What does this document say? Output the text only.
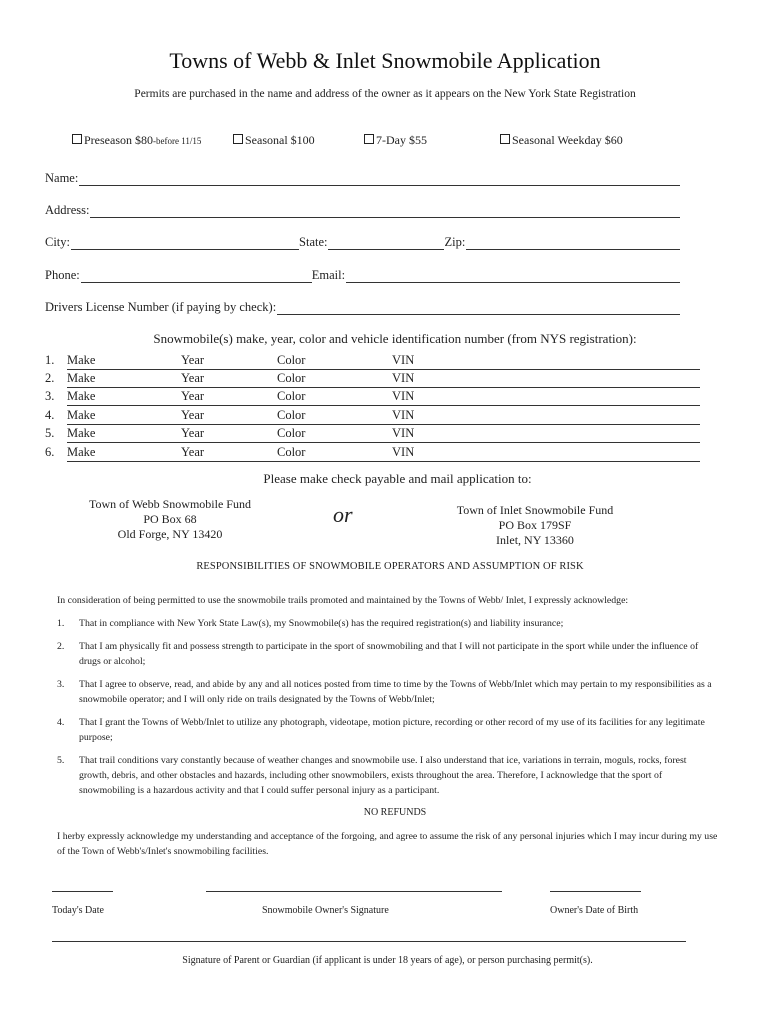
Towns of Webb & Inlet Snowmobile Application
Permits are purchased in the name and address of the owner as it appears on the New York State Registration
Preseason $80-before 11/15	Seasonal $100	7-Day $55	Seasonal Weekday $60
Name:
Address:
City:	State:	Zip:
Phone:	Email:
Drivers License Number (if paying by check):
Snowmobile(s) make, year, color and vehicle identification number (from NYS registration):
1. Make	Year	Color	VIN
2. Make	Year	Color	VIN
3. Make	Year	Color	VIN
4. Make	Year	Color	VIN
5. Make	Year	Color	VIN
6. Make	Year	Color	VIN
Please make check payable and mail application to:
Town of Webb Snowmobile Fund
PO Box 68
Old Forge, NY 13420
or	Town of Inlet Snowmobile Fund
PO Box 179SF
Inlet, NY 13360
RESPONSIBILITIES OF SNOWMOBILE OPERATORS AND ASSUMPTION OF RISK
In consideration of being permitted to use the snowmobile trails promoted and maintained by the Towns of Webb/ Inlet, I expressly acknowledge:
1. That in compliance with New York State Law(s), my Snowmobile(s) has the required registration(s) and liability insurance;
2. That I am physically fit and possess strength to participate in the sport of snowmobiling and that I will not participate in the sport while under the influence of drugs or alcohol;
3. That I agree to observe, read, and abide by any and all notices posted from time to time by the Towns of Webb/Inlet which may pertain to my responsibilities as a snowmobile operator; and I will only ride on trails designated by the Towns of Webb/Inlet;
4. That I grant the Towns of Webb/Inlet to utilize any photograph, videotape, motion picture, recording or other record of my use of its facilities for any legitimate purpose;
5. That trail conditions vary constantly because of weather changes and snowmobile use. I also understand that ice, variations in terrain, moguls, rocks, forest growth, debris, and other obstacles and hazards, including other snowmobilers, exists throughout the area. Therefore, I acknowledge that the sport of snowmobiling is a hazardous activity and that I could suffer personal injury as a participant.
NO REFUNDS
I herby expressly acknowledge my understanding and acceptance of the forgoing, and agree to assume the risk of any personal injuries which I may incur during my use of the Town of Webb's/Inlet's snowmobiling facilities.
Today's Date	Snowmobile Owner's Signature	Owner's Date of Birth
Signature of Parent or Guardian (if applicant is under 18 years of age), or person purchasing permit(s).
